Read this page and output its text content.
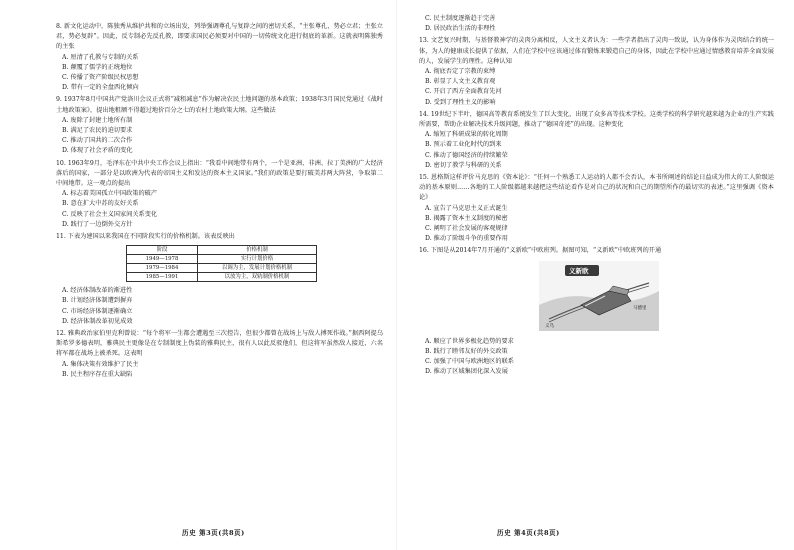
8. 新文化运动中，陈独秀从维护共和的立场出发，列举强调尊孔与复辟之间的密切关系，“主张尊孔，势必立君；主张立君，势必复辟”。因此，反专制必先反孔教，即要求国民必须要对中国的一切传统文化进行彻底的革新。这就表明陈独秀的主张
A. 厘清了孔教与专制的关系
B. 颠覆了儒学的正统地位
C. 传播了资产阶级民权思想
D. 带有一定的全盘西化倾向
9. 1937年8月中国共产党洛川会议正式将“减租减息”作为解决农民土地问题的基本政策；1938年3月国民党通过《战时土地政策案》，提出地租额不得超过地价百分之七的农村土地政策大纲。这些做法
A. 废除了封建土地所有制
B. 满足了农民的迫切要求
C. 推动了国共的二次合作
D. 体现了社会矛盾的变化
10. 1963年9月，毛泽东在中共中央工作会议上指出：“我看中间地带有两个，一个是亚洲、非洲、拉丁美洲的广大经济落后的国家，一部分是以欧洲为代表的帝国主义和发达的资本主义国家。”我们的政策是要打破美苏两大阵营，争取第二中间地带。这一观点的提出
A. 标志着美国孤立中国政策的破产
B. 意在扩大中苏的友好关系
C. 反映了社会主义国家间关系变化
D. 践行了一边倒外交方针
11. 下表为建国以来我国在不同阶段实行的价格机制。该表反映出
阶段	价格机制
1949—1978	实行计划价格
1979—1984	以调为主，发展计划价格机制
1985—1991	以放为主，双轨制价格机制
A. 经济体制改革的渐进性
B. 计划经济体制遭到摒弃
C. 市场经济体制逐渐确立
D. 经济体制改革初见成效
12. 雅典政治家伯里克利曾说：“每个将军一生都会遭遇至三次控告，但很少都曾在战场上与敌人搏死作战。”据西阿提乌斯希罗多德表明，雅典民主更像是在专制制度上伪装的雅典民主，很有人以此反驳他们，但这将军虽然敌人接近，六名将军都在战场上被杀死。这表明
A. 集体决策有效维护了民主
B. 民主程序存在重大缺陷
历史 第3页(共8页)
C. 民主制度逐渐趋于完善
D. 居民政治生活的非理性
13. 文艺复兴时期，与基督教神学的灵肉分离相反，人文主义者认为：一些学者指出了灵肉一致说，认为身体作为灵肉结合的统一体，为人的健康成长提供了依据，人们在学校中应该通过体育锻炼来锻造自己的身体，因此在学校中应通过情感教育培养全面发展的人，发展学生的理性。这种认知
A. 彻底否定了宗教的束缚
B. 彰显了人文主义教育观
C. 开启了西方全面教育先河
D. 受到了理性主义的影响
14. 19世纪下半叶，德国高等教育系统发生了巨大变化，出现了众多高等技术学校。这类学校的科学研究越来越为企业的生产实践所需要，帮助企业解决技术升级问题，推动了“德国奇迹”的出现。这种变化
A. 缩短了科研成果的转化周期
B. 预示着工业化时代的到来
C. 推动了德国经济的持续繁荣
D. 密切了教学与科研的关系
15. 恩格斯这样评价马克思的《资本论》：“任何一个熟悉工人运动的人都不会否认，本书所阐述的结论日益成为伟大的工人阶级运动的基本原则……各地的工人阶级都越来越把这些结论看作是对自己的状况和自己的期望所作的最切实的表述。”这里强调《资本论》
A. 宣告了马克思主义正式诞生
B. 揭露了资本主义制度的秘密
C. 阐明了社会发展的客观规律
D. 推动了阶级斗争的重要作用
16. 下图是从2014年7月开通的“义新欧”中欧班列。据图可知，“义新欧”中欧班列的开通
义新欧
义乌
马德里
A. 顺应了世界多极化趋势的要求
B. 践行了睦邻友好的外交政策
C. 加强了中国与欧洲地区的联系
D. 推动了区域集团化深入发展
历史 第4页(共8页)
